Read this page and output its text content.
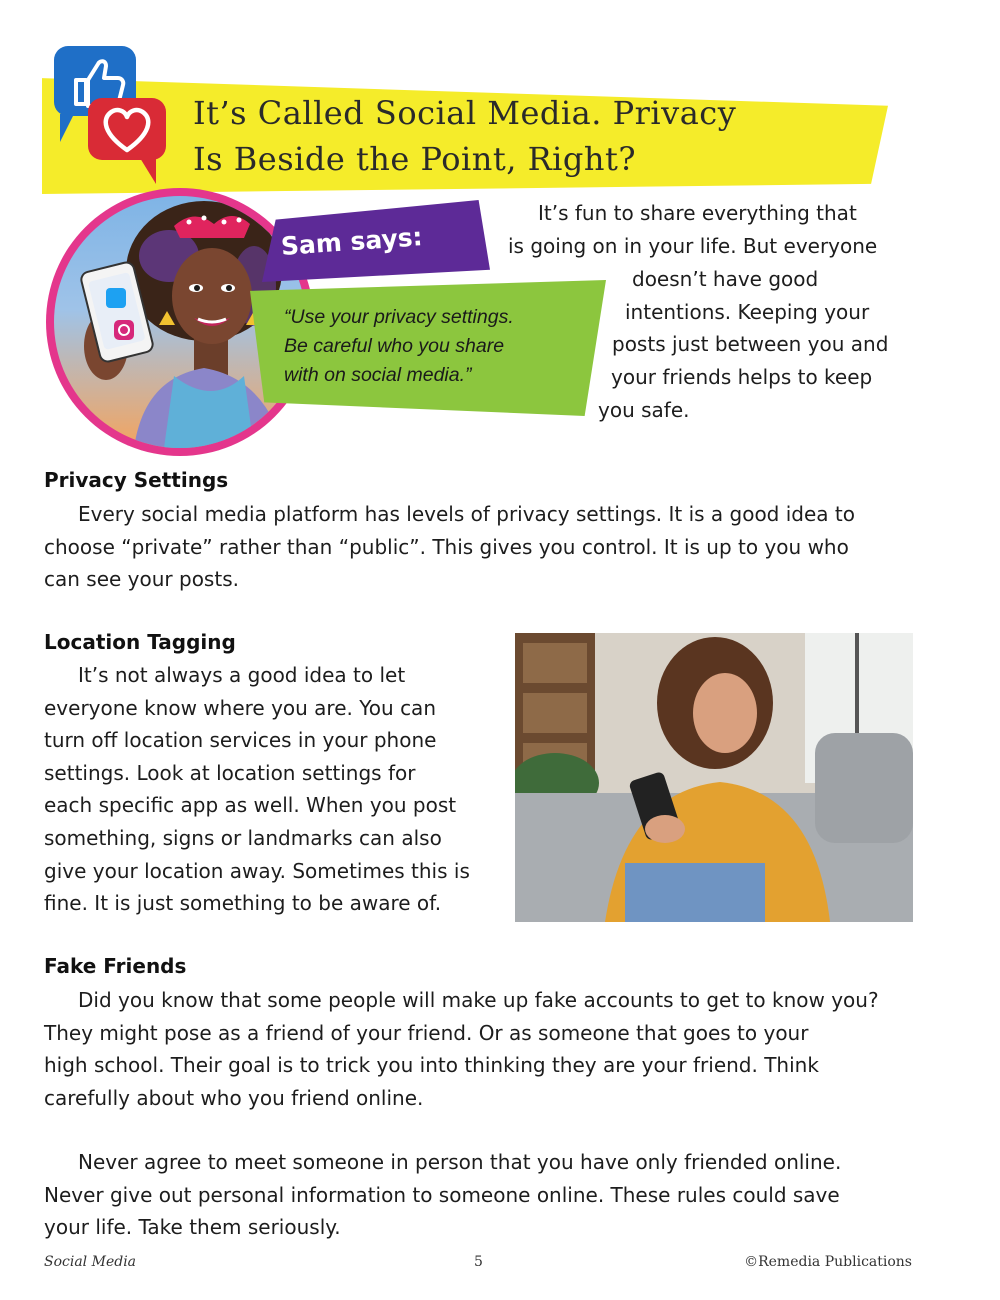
It’s Called Social Media. Privacy
Is Beside the Point, Right?

Sam says:

“Use your privacy settings.
Be careful who you share
with on social media.”

It’s fun to share everything that

is going on in your life. But everyone

doesn’t have good

intentions. Keeping your

posts just between you and

your friends helps to keep

you safe.

Privacy Settings

Every social media platform has levels of privacy settings. It is a good idea to
choose “private” rather than “public”. This gives you control. It is up to you who
can see your posts.

Location Tagging

It’s not always a good idea to let
everyone know where you are. You can
turn off location services in your phone
settings. Look at location settings for
each specific app as well. When you post
something, signs or landmarks can also
give your location away. Sometimes this is
fine. It is just something to be aware of.

Fake Friends

Did you know that some people will make up fake accounts to get to know you?
They might pose as a friend of your friend. Or as someone that goes to your
high school. Their goal is to trick you into thinking they are your friend. Think
carefully about who you friend online.

Never agree to meet someone in person that you have only friended online.
Never give out personal information to someone online. These rules could save
your life. Take them seriously.

Social Media	5	©Remedia Publications
